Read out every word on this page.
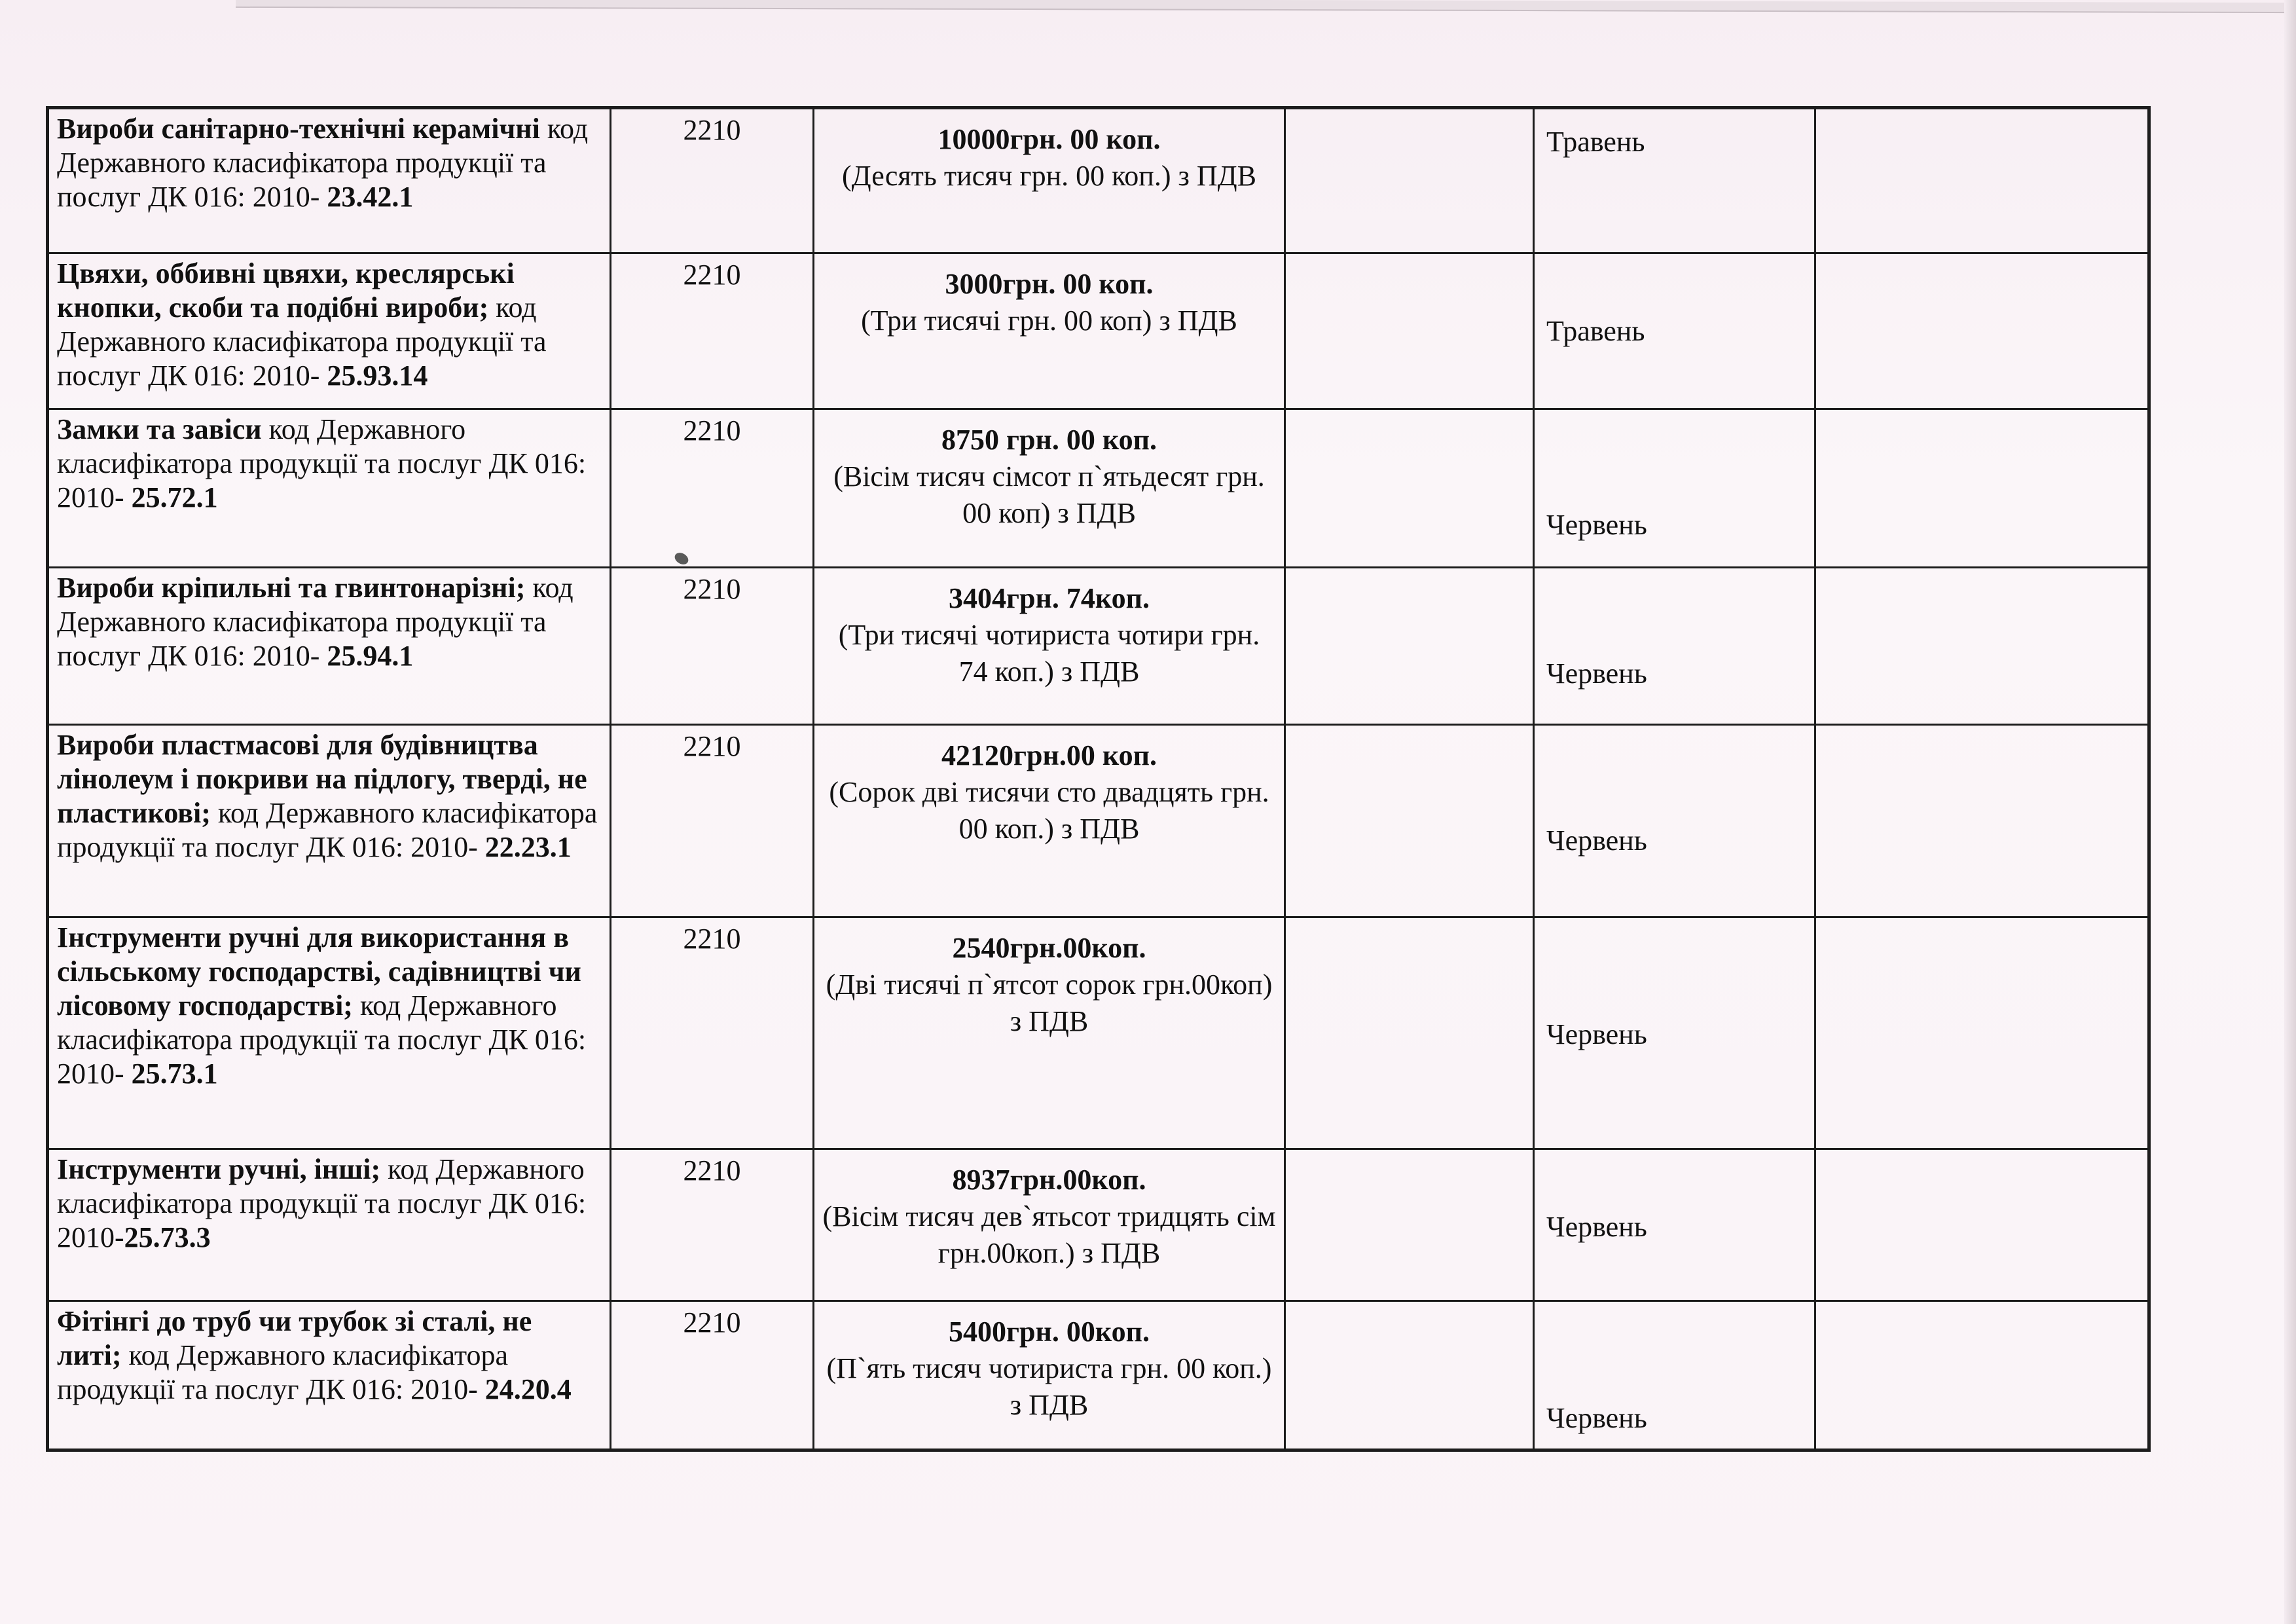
Вироби санітарно-технічні керамічні код Державного класифікатора продукції та послуг ДК 016: 2010- 23.42.1	2210	10000грн. 00 коп.
(Десять тисяч грн. 00 коп.) з ПДВ		Травень	

Цвяхи, оббивні цвяхи, креслярські кнопки, скоби та подібні вироби; код Державного класифікатора продукції та послуг ДК 016: 2010- 25.93.14	2210	3000грн. 00 коп.
(Три тисячі грн. 00 коп) з ПДВ		Травень	

Замки та завіси код Державного класифікатора продукції та послуг ДК 016: 2010- 25.72.1	2210	8750 грн. 00 коп.
(Вісім тисяч сімсот п`ятьдесят грн. 00 коп) з ПДВ		Червень	

Вироби кріпильні та гвинтонарізні; код Державного класифікатора продукції та послуг ДК 016: 2010- 25.94.1	2210	3404грн. 74коп.
(Три тисячі чотириста чотири грн. 74 коп.) з ПДВ		Червень	

Вироби пластмасові для будівництва лінолеум і покриви на підлогу, тверді, не пластикові; код Державного класифікатора продукції та послуг ДК 016: 2010- 22.23.1	2210	42120грн.00 коп.
(Сорок дві тисячи сто двадцять грн. 00 коп.) з ПДВ		Червень	

Інструменти ручні для використання в сільському господарстві, садівництві чи лісовому господарстві; код Державного класифікатора продукції та послуг ДК 016: 2010- 25.73.1	2210	2540грн.00коп.
(Дві тисячі п`ятсот сорок грн.00коп) з ПДВ		Червень	

Інструменти ручні, інші; код Державного класифікатора продукції та послуг ДК 016: 2010-25.73.3	2210	8937грн.00коп.
(Вісім тисяч дев`ятьсот тридцять сім грн.00коп.) з ПДВ		Червень	

Фітінгі до труб чи трубок зі сталі, не литі; код Державного класифікатора продукції та послуг ДК 016: 2010- 24.20.4	2210	5400грн. 00коп.
(П`ять тисяч чотириста грн. 00 коп.) з ПДВ		Червень	
